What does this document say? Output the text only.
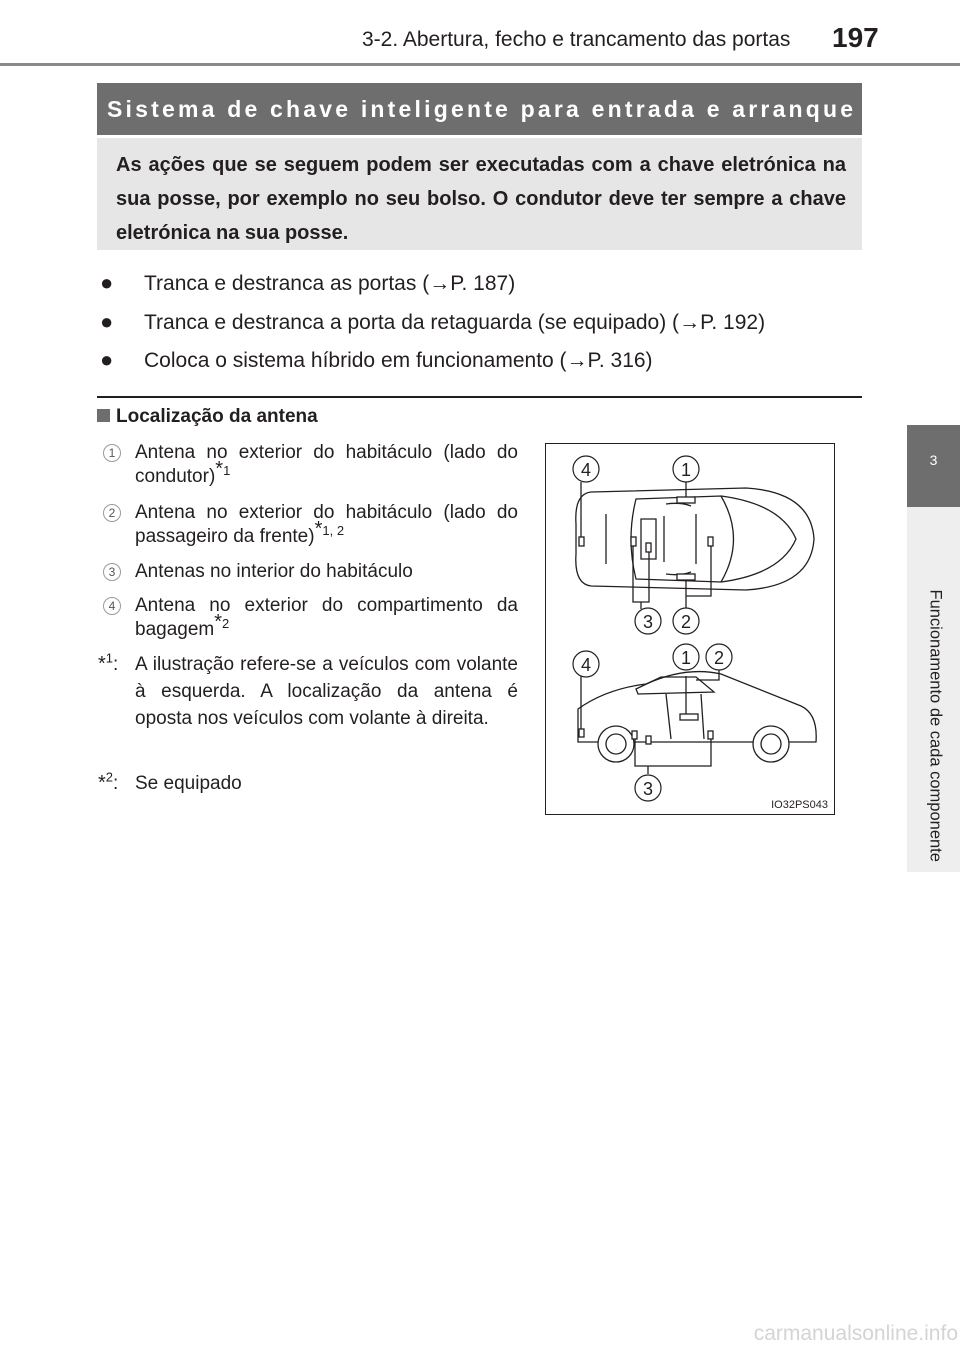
3-2. Abertura, fecho e trancamento das portas 197
3
Funcionamento de cada componente
Sistema de chave inteligente para entrada e arranque
As ações que se seguem podem ser executadas com a chave eletrónica na sua posse, por exemplo no seu bolso. O condutor deve ter sempre a chave eletrónica na sua posse.
● Tranca e destranca as portas (→P. 187)
● Tranca e destranca a porta da retaguarda (se equipado) (→P. 192)
● Coloca o sistema híbrido em funcionamento (→P. 316)
Localização da antena
1 Antena no exterior do habitáculo (lado do condutor)$^{*1}$
2 Antena no exterior do habitáculo (lado do passageiro da frente)$^{*1, 2}$
3 Antenas no interior do habitáculo
4 Antena no exterior do compartimento da bagagem$^{*2}$
*$^1$: A ilustração refere-se a veículos com volante à esquerda. A localização da antena é oposta nos veículos com volante à direita.
*$^2$: Se equipado
4	1
3 2
4	1 2
3
IO32PS043
carmanualsonline.info
